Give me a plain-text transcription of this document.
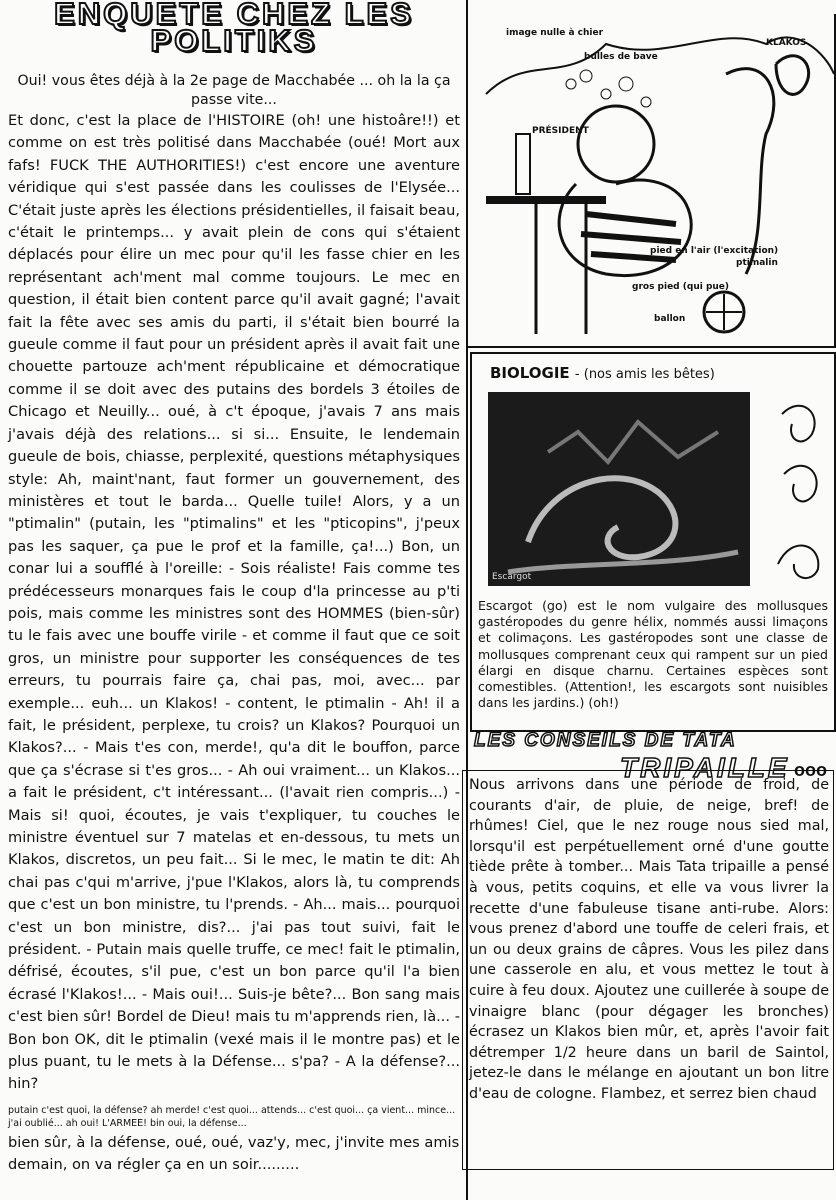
ENQUETE CHEZ LES
POLITIKS
Oui! vous êtes déjà à la 2e page de Macchabée ... oh la la ça passe vite...
Et donc, c'est la place de l'HISTOIRE (oh! une histoâre!!) et comme on est très politisé dans Macchabée (oué! Mort aux fafs! FUCK THE AUTHORITIES!) c'est encore une aventure véridique qui s'est passée dans les coulisses de l'Elysée... C'était juste après les élections présidentielles, il faisait beau, c'était le printemps... y avait plein de cons qui s'étaient déplacés pour élire un mec pour qu'il les fasse chier en les représentant ach'ment mal comme toujours. Le mec en question, il était bien content parce qu'il avait gagné; l'avait fait la fête avec ses amis du parti, il s'était bien bourré la gueule comme il faut pour un président après il avait fait une chouette partouze ach'ment républicaine et démocratique comme il se doit avec des putains des bordels 3 étoiles de Chicago et Neuilly... oué, à c't époque, j'avais 7 ans mais j'avais déjà des relations... si si... Ensuite, le lendemain gueule de bois, chiasse, perplexité, questions métaphysiques style: Ah, maint'nant, faut former un gouvernement, des ministères et tout le barda... Quelle tuile! Alors, y a un "ptimalin" (putain, les "ptimalins" et les "pticopins", j'peux pas les saquer, ça pue le prof et la famille, ça!...) Bon, un conar lui a soufflé à l'oreille: - Sois réaliste! Fais comme tes prédécesseurs monarques fais le coup d'la princesse au p'ti pois, mais comme les ministres sont des HOMMES (bien-sûr) tu le fais avec une bouffe virile - et comme il faut que ce soit gros, un ministre pour supporter les conséquences de tes erreurs, tu pourrais faire ça, chai pas, moi, avec... par exemple... euh... un Klakos! - content, le ptimalin - Ah! il a fait, le président, perplexe, tu crois? un Klakos? Pourquoi un Klakos?... - Mais t'es con, merde!, qu'a dit le bouffon, parce que ça s'écrase si t'es gros... - Ah oui vraiment... un Klakos... a fait le président, c't intéressant... (l'avait rien compris...) - Mais si! quoi, écoutes, je vais t'expliquer, tu couches le ministre éventuel sur 7 matelas et en-dessous, tu mets un Klakos, discretos, un peu fait... Si le mec, le matin te dit: Ah chai pas c'qui m'arrive, j'pue l'Klakos, alors là, tu comprends que c'est un bon ministre, tu l'prends. - Ah... mais... pourquoi c'est un bon ministre, dis?... j'ai pas tout suivi, fait le président. - Putain mais quelle truffe, ce mec! fait le ptimalin, défrisé, écoutes, s'il pue, c'est un bon parce qu'il l'a bien écrasé l'Klakos!... - Mais oui!... Suis-je bête?... Bon sang mais c'est bien sûr! Bordel de Dieu! mais tu m'apprends rien, là... - Bon bon OK, dit le ptimalin (vexé mais il le montre pas) et le plus puant, tu le mets à la Défense... s'pa? - A la défense?... hin?
putain c'est quoi, la défense? ah merde! c'est quoi... attends... c'est quoi... ça vient... mince... j'ai oublié... ah oui! L'ARMEE! bin oui, la défense...
bien sûr, à la défense, oué, oué, vaz'y, mec, j'invite mes amis demain, on va régler ça en un soir.........
image nulle à chier
bulles de bave
KLAKOS
PRÉSIDENT
pied en l'air (l'excitation)
ptimalin
gros pied (qui pue)
ballon
BIOLOGIE - (nos amis les bêtes)
Escargot
Escargot (go) est le nom vulgaire des mollusques gastéropodes du genre hélix, nommés aussi limaçons et colimaçons. Les gastéropodes sont une classe de mollusques comprenant ceux qui rampent sur un pied élargi en disque charnu. Certaines espèces sont comestibles. (Attention!, les escargots sont nuisibles dans les jardins.) (oh!)
LES CONSEILS DE TATA
TRIPAILLE ooo
Nous arrivons dans une période de froid, de courants d'air, de pluie, de neige, bref! de rhûmes! Ciel, que le nez rouge nous sied mal, lorsqu'il est perpétuellement orné d'une goutte tiède prête à tomber... Mais Tata tripaille a pensé à vous, petits coquins, et elle va vous livrer la recette d'une fabuleuse tisane anti-rube. Alors: vous prenez d'abord une touffe de celeri frais, et un ou deux grains de câpres. Vous les pilez dans une casserole en alu, et vous mettez le tout à cuire à feu doux. Ajoutez une cuillerée à soupe de vinaigre blanc (pour dégager les bronches) écrasez un Klakos bien mûr, et, après l'avoir fait détremper 1/2 heure dans un baril de Saintol, jetez-le dans le mélange en ajoutant un bon litre d'eau de cologne. Flambez, et serrez bien chaud
